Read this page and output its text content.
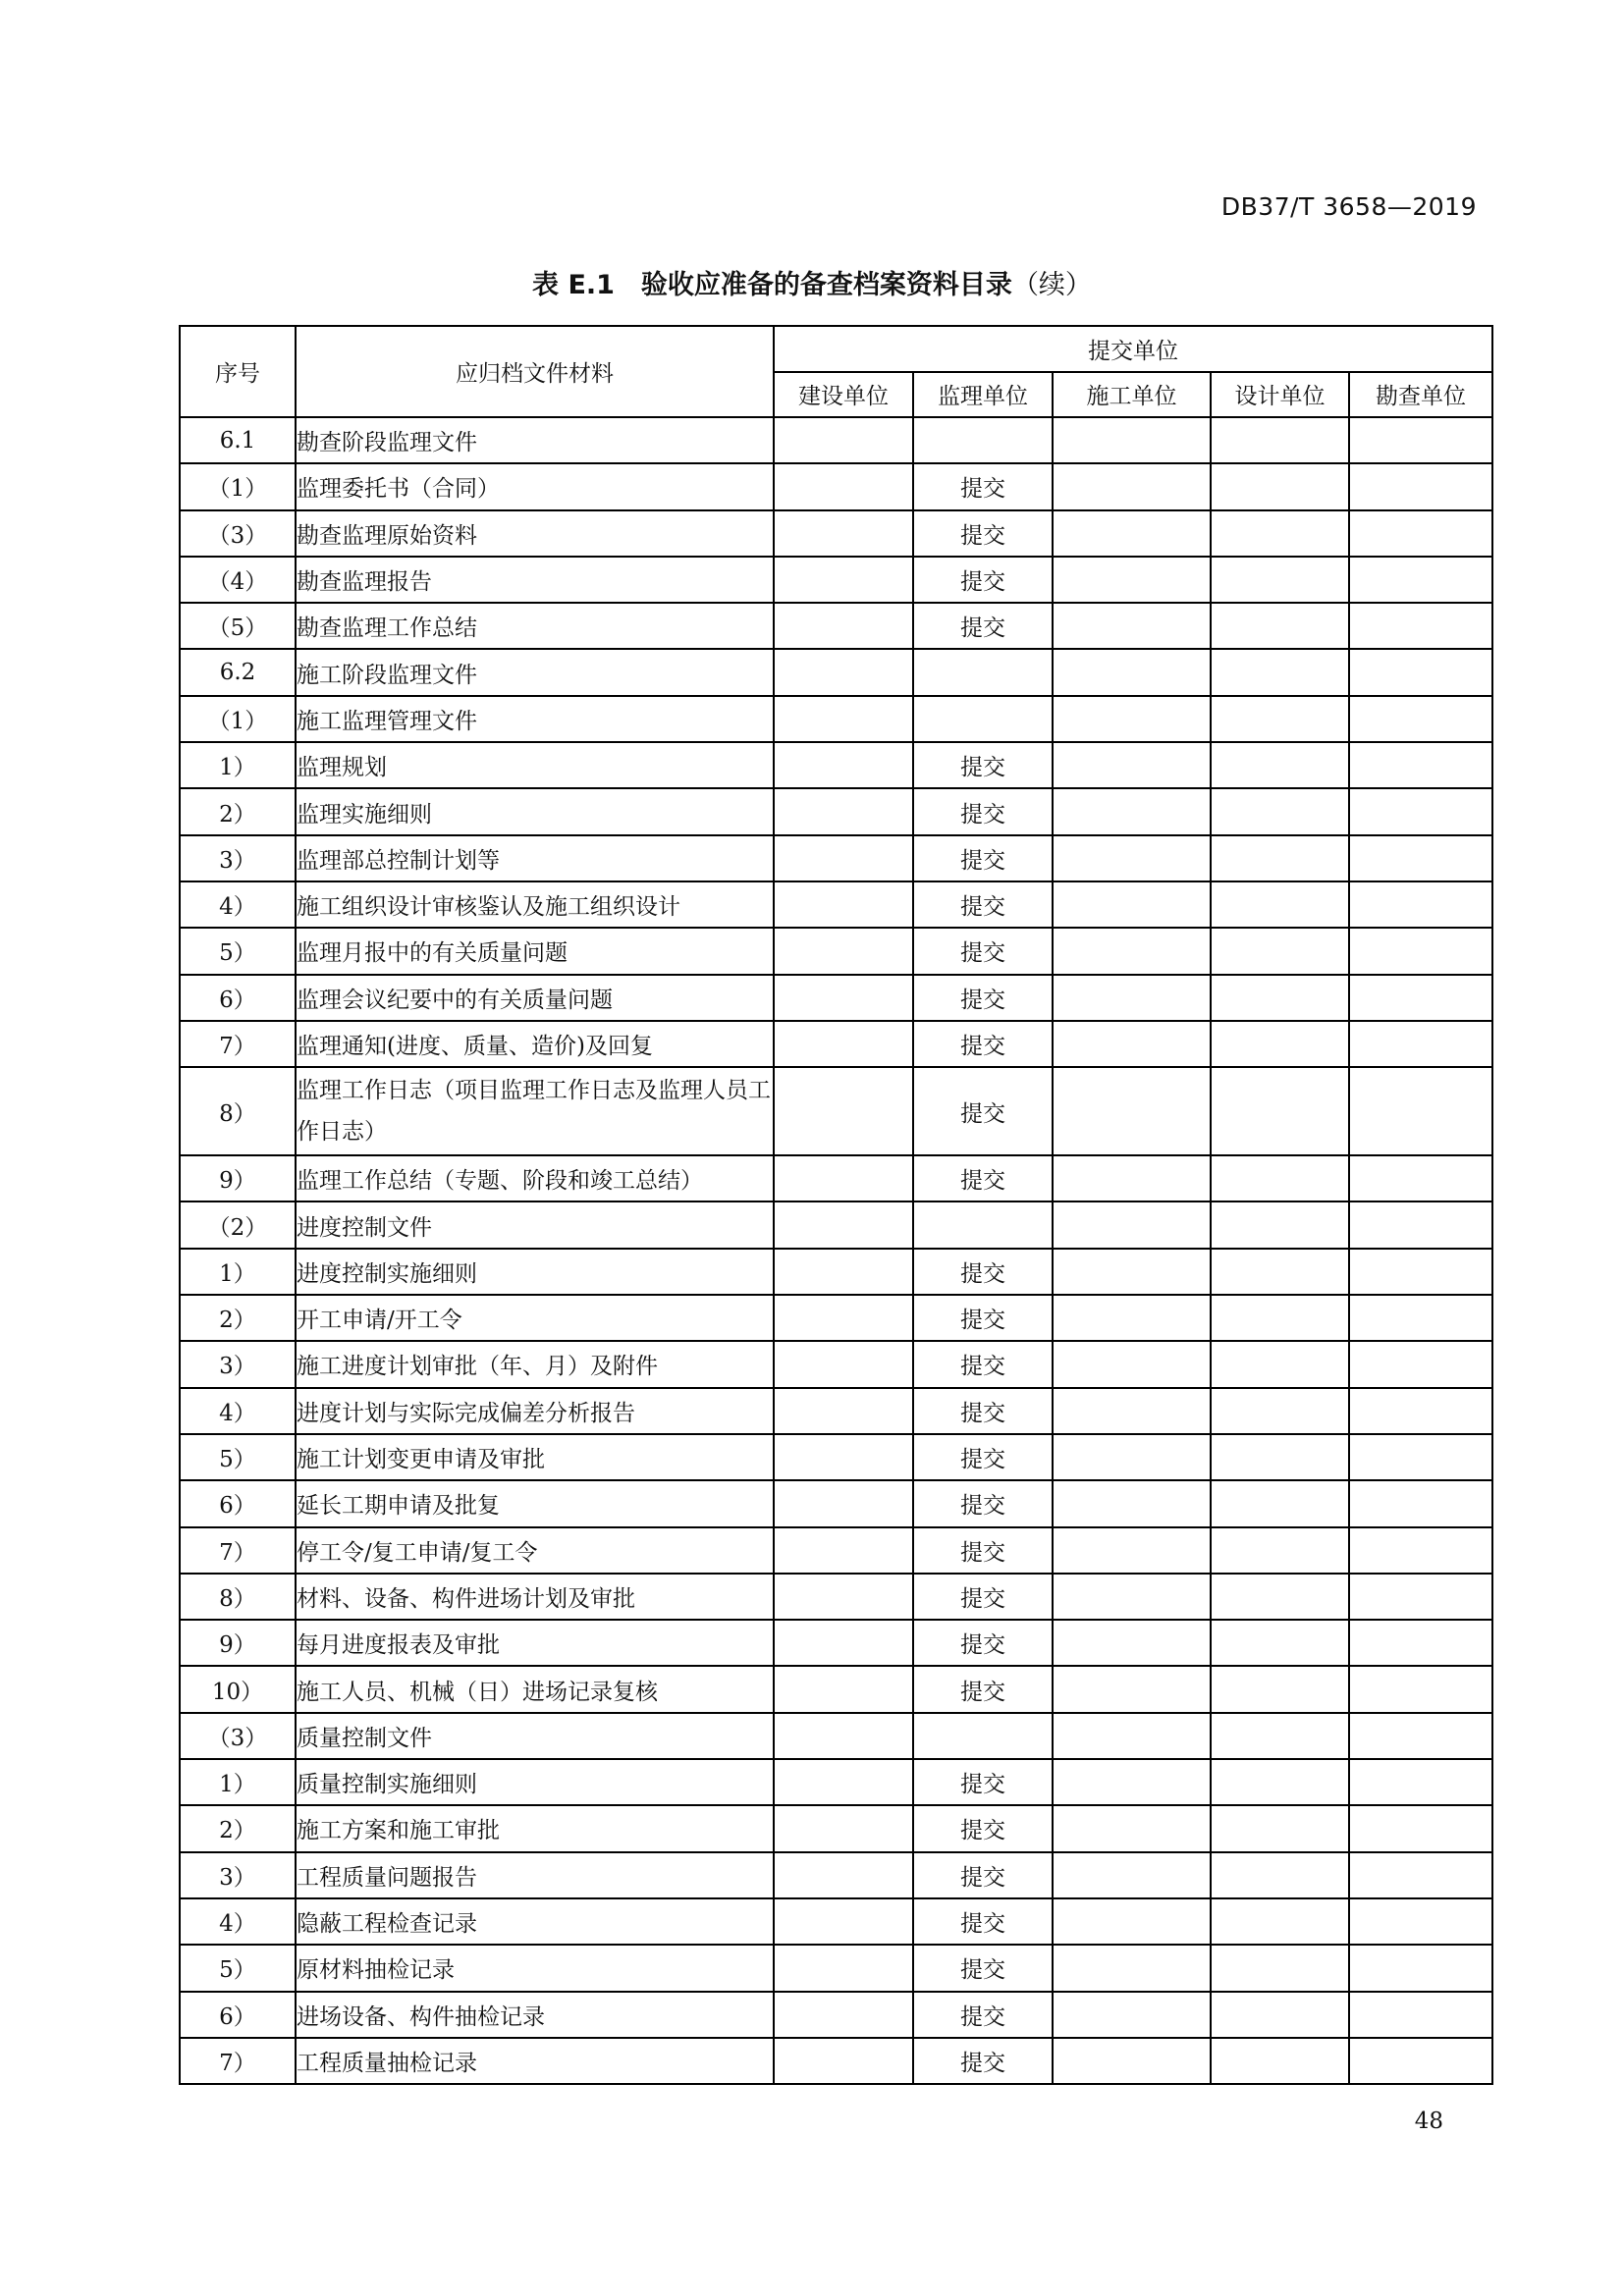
DB37/T 3658—2019
表 E.1　验收应准备的备查档案资料目录（续）
序号	应归档文件材料	提交单位				
		建设单位	监理单位	施工单位	设计单位	勘查单位
6.1	勘查阶段监理文件					
（1）	监理委托书（合同）		提交			
（3）	勘查监理原始资料		提交			
（4）	勘查监理报告		提交			
（5）	勘查监理工作总结		提交			
6.2	施工阶段监理文件					
（1）	施工监理管理文件					
1）	监理规划		提交			
2）	监理实施细则		提交			
3）	监理部总控制计划等		提交			
4）	施工组织设计审核鉴认及施工组织设计		提交			
5）	监理月报中的有关质量问题		提交			
6）	监理会议纪要中的有关质量问题		提交			
7）	监理通知(进度、质量、造价)及回复		提交			
8）	监理工作日志（项目监理工作日志及监理人员工作日志）		提交			
9）	监理工作总结（专题、阶段和竣工总结）		提交			
（2）	进度控制文件					
1）	进度控制实施细则		提交			
2）	开工申请/开工令		提交			
3）	施工进度计划审批（年、月）及附件		提交			
4）	进度计划与实际完成偏差分析报告		提交			
5）	施工计划变更申请及审批		提交			
6）	延长工期申请及批复		提交			
7）	停工令/复工申请/复工令		提交			
8）	材料、设备、构件进场计划及审批		提交			
9）	每月进度报表及审批		提交			
10）	施工人员、机械（日）进场记录复核		提交			
（3）	质量控制文件					
1）	质量控制实施细则		提交			
2）	施工方案和施工审批		提交			
3）	工程质量问题报告		提交			
4）	隐蔽工程检查记录		提交			
5）	原材料抽检记录		提交			
6）	进场设备、构件抽检记录		提交			
7）	工程质量抽检记录		提交			
48
